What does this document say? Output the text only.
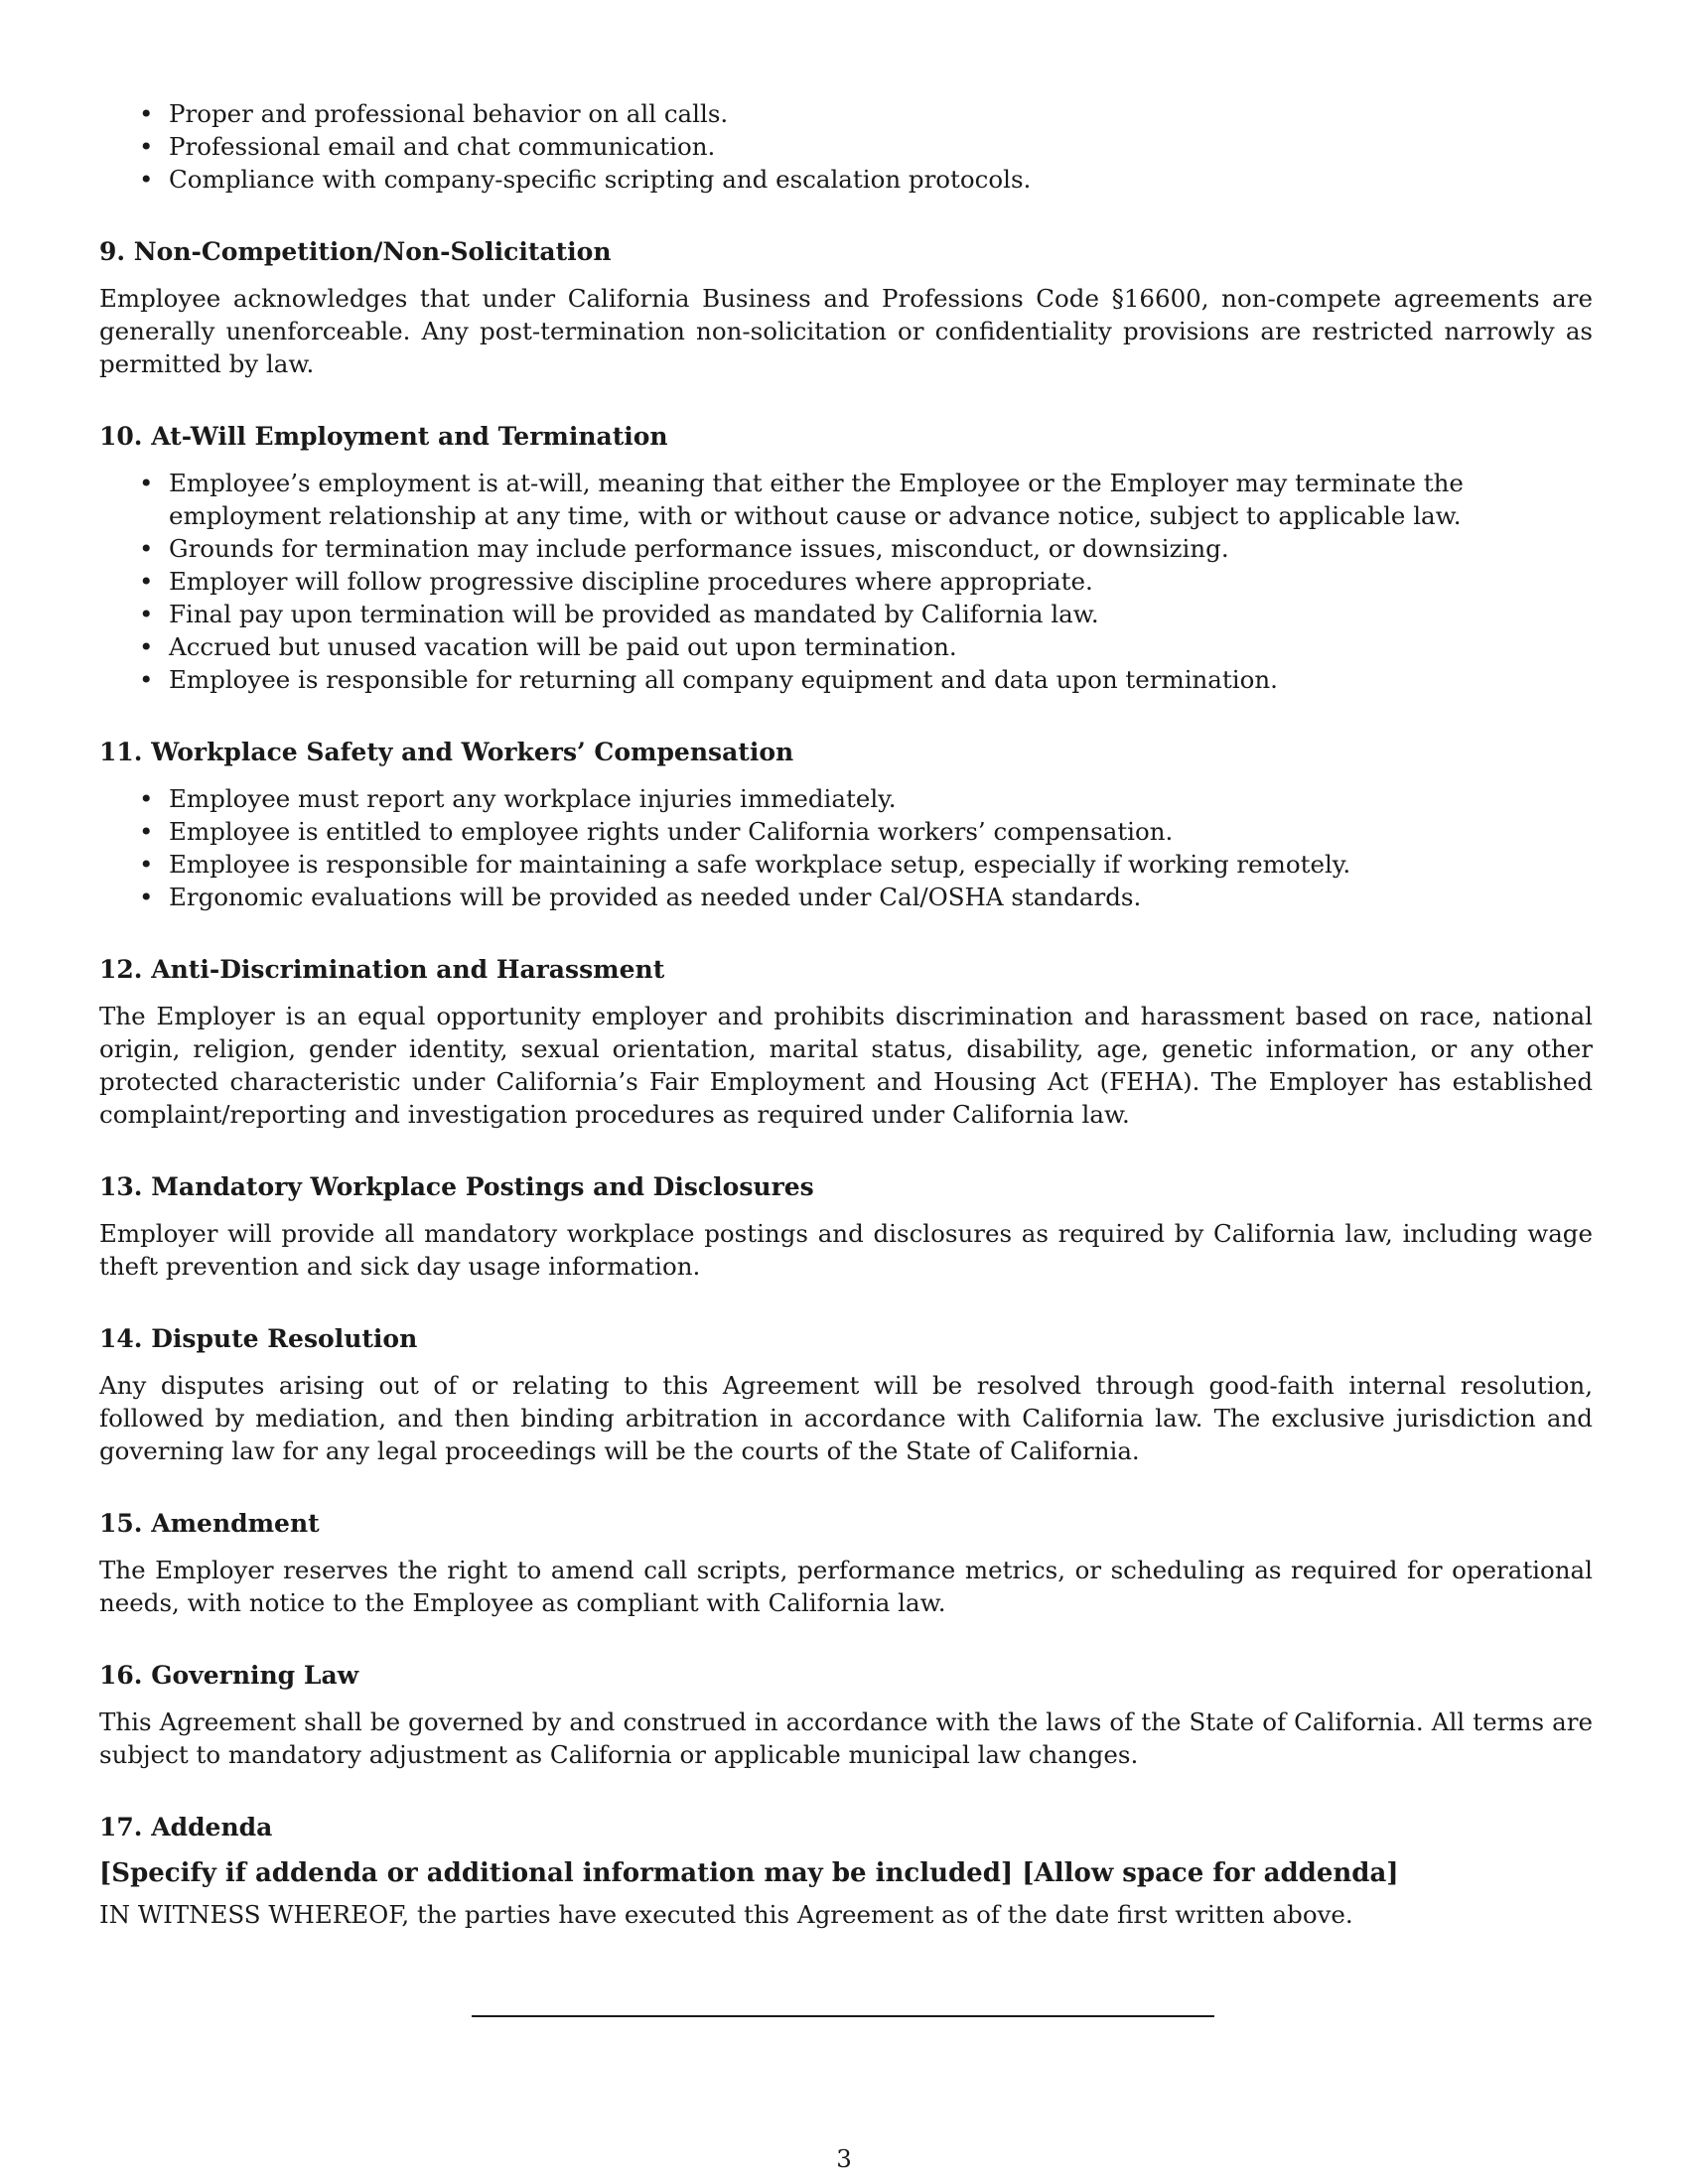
• Proper and professional behavior on all calls.
• Professional email and chat communication.
• Compliance with company-specific scripting and escalation protocols.
9. Non-Competition/Non-Solicitation

Employee acknowledges that under California Business and Professions Code §16600, non-compete agreements are generally unenforceable. Any post-termination non-solicitation or confidentiality provisions are restricted narrowly as permitted by law.

10. At-Will Employment and Termination
• Employee’s employment is at-will, meaning that either the Employee or the Employer may terminate the employment relationship at any time, with or without cause or advance notice, subject to applicable law.
• Grounds for termination may include performance issues, misconduct, or downsizing.
• Employer will follow progressive discipline procedures where appropriate.
• Final pay upon termination will be provided as mandated by California law.
• Accrued but unused vacation will be paid out upon termination.
• Employee is responsible for returning all company equipment and data upon termination.
11. Workplace Safety and Workers’ Compensation
• Employee must report any workplace injuries immediately.
• Employee is entitled to employee rights under California workers’ compensation.
• Employee is responsible for maintaining a safe workplace setup, especially if working remotely.
• Ergonomic evaluations will be provided as needed under Cal/OSHA standards.
12. Anti-Discrimination and Harassment

The Employer is an equal opportunity employer and prohibits discrimination and harassment based on race, national origin, religion, gender identity, sexual orientation, marital status, disability, age, genetic information, or any other protected characteristic under California’s Fair Employment and Housing Act (FEHA). The Employer has established complaint/reporting and investigation procedures as required under California law.

13. Mandatory Workplace Postings and Disclosures

Employer will provide all mandatory workplace postings and disclosures as required by California law, including wage theft prevention and sick day usage information.

14. Dispute Resolution

Any disputes arising out of or relating to this Agreement will be resolved through good-faith internal resolution, followed by mediation, and then binding arbitration in accordance with California law. The exclusive jurisdiction and governing law for any legal proceedings will be the courts of the State of California.

15. Amendment

The Employer reserves the right to amend call scripts, performance metrics, or scheduling as required for operational needs, with notice to the Employee as compliant with California law.

16. Governing Law

This Agreement shall be governed by and construed in accordance with the laws of the State of California. All terms are subject to mandatory adjustment as California or applicable municipal law changes.

17. Addenda
[Specify if addenda or additional information may be included] [Allow space for addenda]

IN WITNESS WHEREOF, the parties have executed this Agreement as of the date first written above.

3
